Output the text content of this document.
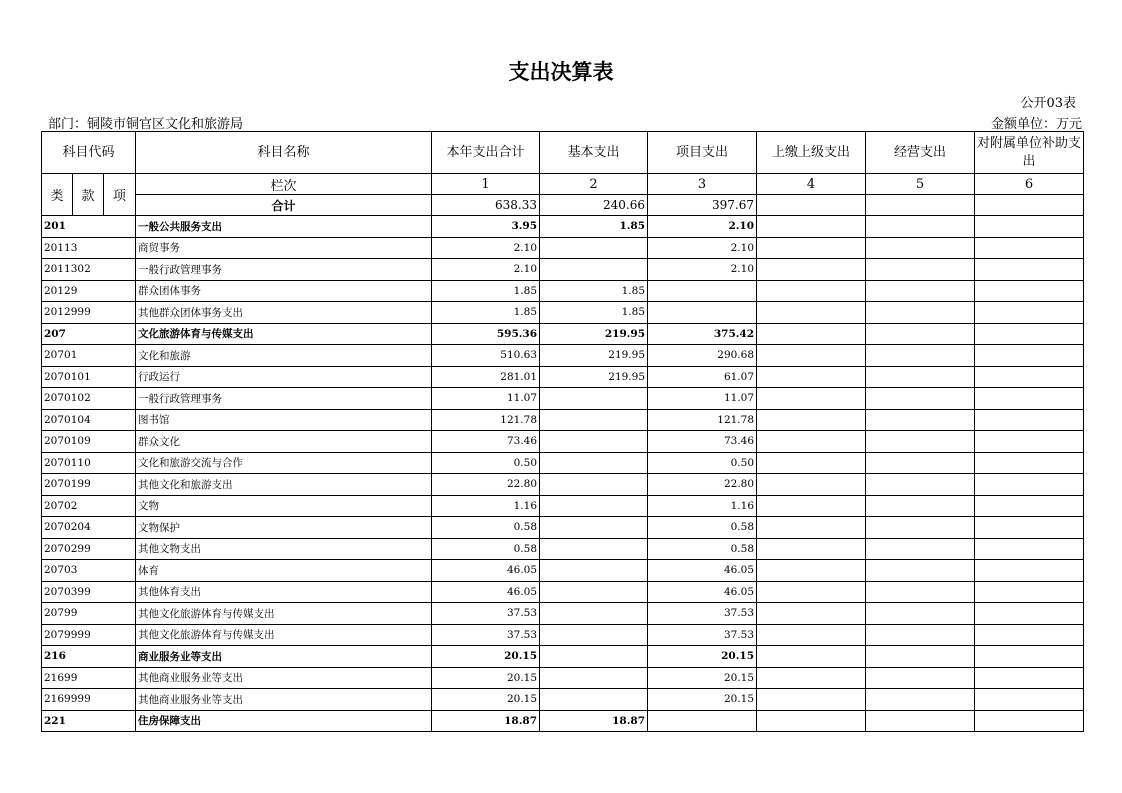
支出决算表
公开03表
部门：铜陵市铜官区文化和旅游局	金额单位：万元
科目代码			科目名称	本年支出合计	基本支出	项目支出	上缴上级支出	经营支出	对附属单位补助支出
类	款	项	栏次	1	2	3	4	5	6
			合计	638.33	240.66	397.67			
201			一般公共服务支出	3.95	1.85	2.10			
20113			商贸事务	2.10		2.10			
2011302			一般行政管理事务	2.10		2.10			
20129			群众团体事务	1.85	1.85				
2012999			其他群众团体事务支出	1.85	1.85				
207			文化旅游体育与传媒支出	595.36	219.95	375.42			
20701			文化和旅游	510.63	219.95	290.68			
2070101			行政运行	281.01	219.95	61.07			
2070102			一般行政管理事务	11.07		11.07			
2070104			图书馆	121.78		121.78			
2070109			群众文化	73.46		73.46			
2070110			文化和旅游交流与合作	0.50		0.50			
2070199			其他文化和旅游支出	22.80		22.80			
20702			文物	1.16		1.16			
2070204			文物保护	0.58		0.58			
2070299			其他文物支出	0.58		0.58			
20703			体育	46.05		46.05			
2070399			其他体育支出	46.05		46.05			
20799			其他文化旅游体育与传媒支出	37.53		37.53			
2079999			其他文化旅游体育与传媒支出	37.53		37.53			
216			商业服务业等支出	20.15		20.15			
21699			其他商业服务业等支出	20.15		20.15			
2169999			其他商业服务业等支出	20.15		20.15			
221			住房保障支出	18.87	18.87				
